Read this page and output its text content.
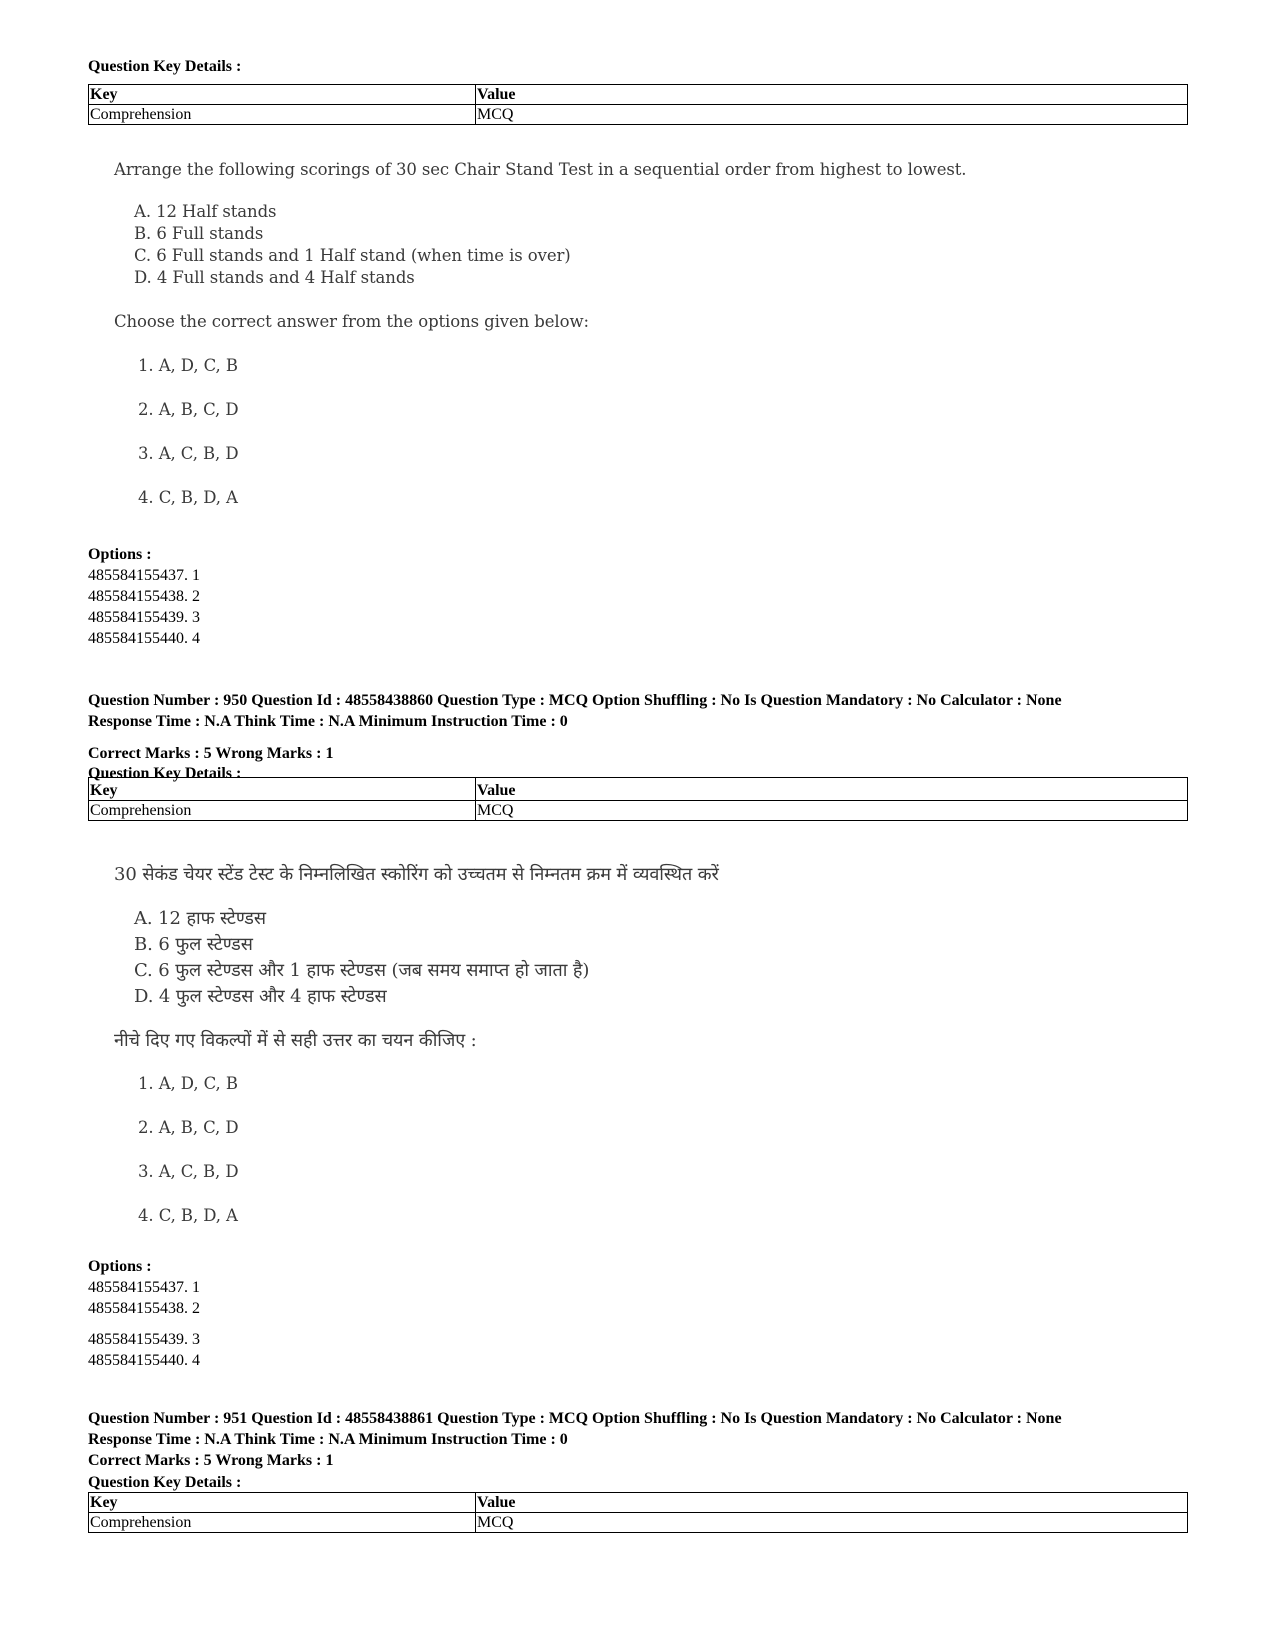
Question Key Details :
Key	Value
Comprehension	MCQ
Arrange the following scorings of 30 sec Chair Stand Test in a sequential order from highest to lowest.
A. 12 Half stands
B. 6 Full stands
C. 6 Full stands and 1 Half stand (when time is over)
D. 4 Full stands and 4 Half stands
Choose the correct answer from the options given below:
1. A, D, C, B
2. A, B, C, D
3. A, C, B, D
4. C, B, D, A
Options :
485584155437. 1
485584155438. 2
485584155439. 3
485584155440. 4
Question Number : 950 Question Id : 48558438860 Question Type : MCQ Option Shuffling : No Is Question Mandatory : No Calculator : None
Response Time : N.A Think Time : N.A Minimum Instruction Time : 0
Correct Marks : 5 Wrong Marks : 1
Question Key Details :
Key	Value
Comprehension	MCQ
30 सेकंड चेयर स्टेंड टेस्ट के निम्नलिखित स्कोरिंग को उच्चतम से निम्नतम क्रम में व्यवस्थित करें
A. 12 हाफ स्टेण्डस
B. 6 फुल स्टेण्डस
C. 6 फुल स्टेण्डस और 1 हाफ स्टेण्डस (जब समय समाप्त हो जाता है)
D. 4 फुल स्टेण्डस और 4 हाफ स्टेण्डस
नीचे दिए गए विकल्पों में से सही उत्तर का चयन कीजिए :
1. A, D, C, B
2. A, B, C, D
3. A, C, B, D
4. C, B, D, A
Options :
485584155437. 1
485584155438. 2
485584155439. 3
485584155440. 4
Question Number : 951 Question Id : 48558438861 Question Type : MCQ Option Shuffling : No Is Question Mandatory : No Calculator : None
Response Time : N.A Think Time : N.A Minimum Instruction Time : 0
Correct Marks : 5 Wrong Marks : 1
Question Key Details :
Key	Value
Comprehension	MCQ
